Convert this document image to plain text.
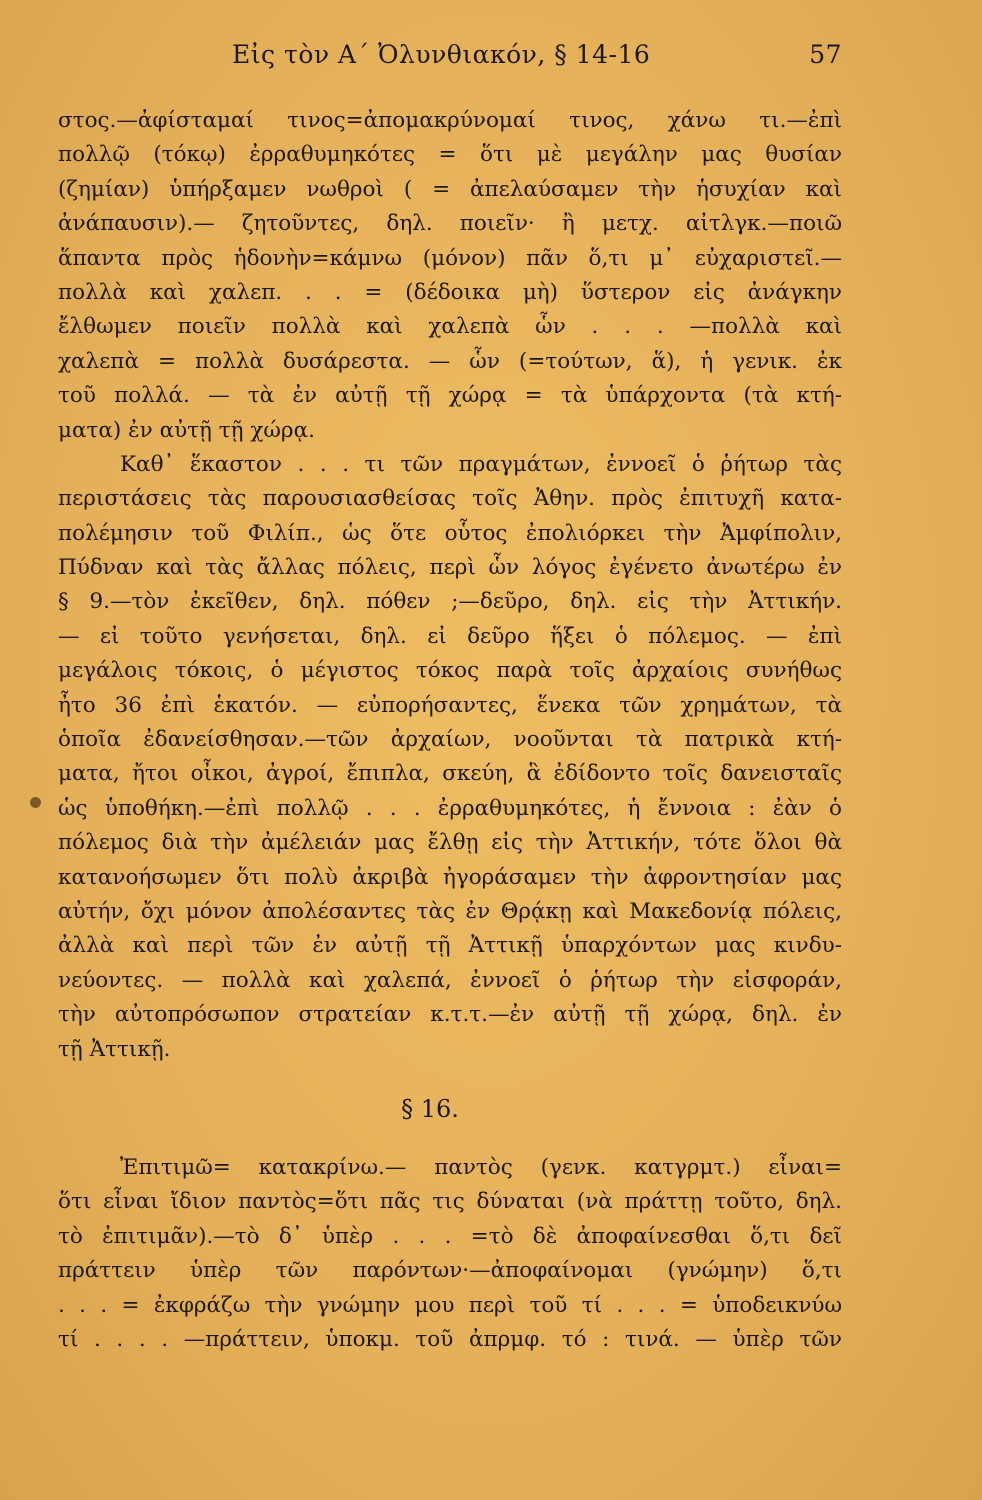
Εἰς τὸν Α΄ Ὀλυνθιακόν, § 14-16	57
στος.—ἀφίσταμαί τινος=ἀπομακρύνομαί τινος, χάνω τι.—ἐπὶ
πολλῷ (τόκῳ) ἐρραθυμηκότες = ὅτι μὲ μεγάλην μας θυσίαν
(ζημίαν) ὑπήρξαμεν νωθροὶ ( = ἀπελαύσαμεν τὴν ἡσυχίαν καὶ
ἀνάπαυσιν).— ζητοῦντες, δηλ. ποιεῖν· ἢ μετχ. αἰτλγκ.—ποιῶ
ἅπαντα πρὸς ἡδονὴν=κάμνω (μόνον) πᾶν ὅ,τι μ᾿ εὐχαριστεῖ.—
πολλὰ καὶ χαλεπ. . . = (δέδοικα μὴ) ὕστερον εἰς ἀνάγκην
ἔλθωμεν ποιεῖν πολλὰ καὶ χαλεπὰ ὧν . . . —πολλὰ καὶ
χαλεπὰ = πολλὰ δυσάρεστα. — ὧν (=τούτων, ἅ), ἡ γενικ. ἐκ
τοῦ πολλά. — τὰ ἐν αὐτῇ τῇ χώρᾳ = τὰ ὑπάρχοντα (τὰ κτή-
ματα) ἐν αὐτῇ τῇ χώρᾳ.
Καθ᾿ ἕκαστον . . . τι τῶν πραγμάτων, ἐννοεῖ ὁ ῥήτωρ τὰς
περιστάσεις τὰς παρουσιασθείσας τοῖς Ἀθην. πρὸς ἐπιτυχῆ κατα-
πολέμησιν τοῦ Φιλίπ., ὡς ὅτε οὗτος ἐπολιόρκει τὴν Ἀμφίπολιν,
Πύδναν καὶ τὰς ἄλλας πόλεις, περὶ ὧν λόγος ἐγένετο ἀνωτέρω ἐν
§ 9.—τὸν ἐκεῖθεν, δηλ. πόθεν ;—δεῦρο, δηλ. εἰς τὴν Ἀττικήν.
— εἰ τοῦτο γενήσεται, δηλ. εἰ δεῦρο ἥξει ὁ πόλεμος. — ἐπὶ
μεγάλοις τόκοις, ὁ μέγιστος τόκος παρὰ τοῖς ἀρχαίοις συνήθως
ἦτο 36 ἐπὶ ἑκατόν. — εὐπορήσαντες, ἕνεκα τῶν χρημάτων, τὰ
ὁποῖα ἐδανείσθησαν.—τῶν ἀρχαίων, νοοῦνται τὰ πατρικὰ κτή-
ματα, ἤτοι οἶκοι, ἀγροί, ἔπιπλα, σκεύη, ἃ ἐδίδοντο τοῖς δανεισταῖς
ὡς ὑποθήκη.—ἐπὶ πολλῷ . . . ἐρραθυμηκότες, ἡ ἔννοια : ἐὰν ὁ
πόλεμος διὰ τὴν ἀμέλειάν μας ἔλθῃ εἰς τὴν Ἀττικήν, τότε ὅλοι θὰ
κατανοήσωμεν ὅτι πολὺ ἀκριβὰ ἠγοράσαμεν τὴν ἀφροντησίαν μας
αὐτήν, ὄχι μόνον ἀπολέσαντες τὰς ἐν Θρᾴκῃ καὶ Μακεδονίᾳ πόλεις,
ἀλλὰ καὶ περὶ τῶν ἐν αὐτῇ τῇ Ἀττικῇ ὑπαρχόντων μας κινδυ-
νεύοντες. — πολλὰ καὶ χαλεπά, ἐννοεῖ ὁ ῥήτωρ τὴν εἰσφοράν,
τὴν αὐτοπρόσωπον στρατείαν κ.τ.τ.—ἐν αὐτῇ τῇ χώρᾳ, δηλ. ἐν
τῇ Ἀττικῇ.
§ 16.
Ἐπιτιμῶ= κατακρίνω.— παντὸς (γενκ. κατγρμτ.) εἶναι=
ὅτι εἶναι ἴδιον παντὸς=ὅτι πᾶς τις δύναται (νὰ πράττῃ τοῦτο, δηλ.
τὸ ἐπιτιμᾶν).—τὸ δ᾿ ὑπὲρ . . . =τὸ δὲ ἀποφαίνεσθαι ὅ,τι δεῖ
πράττειν ὑπὲρ τῶν παρόντων·—ἀποφαίνομαι (γνώμην) ὅ,τι
. . . = ἐκφράζω τὴν γνώμην μου περὶ τοῦ τί . . . = ὑποδεικνύω
τί . . . . —πράττειν, ὑποκμ. τοῦ ἀπρμφ. τό : τινά. — ὑπὲρ τῶν
